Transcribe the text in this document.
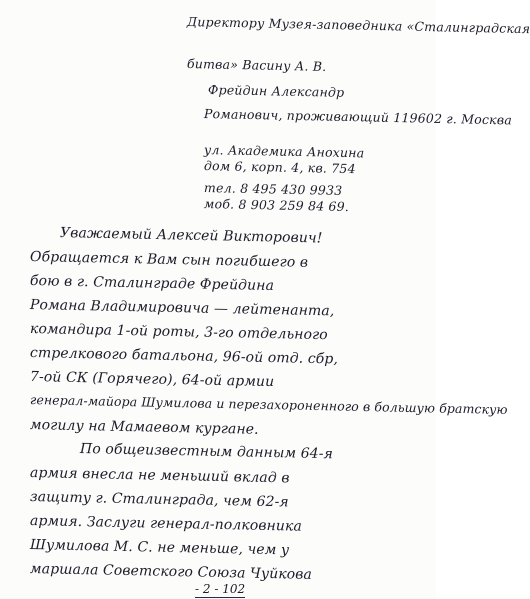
Директору Музея-заповедника «Сталинградская
битва» Васину А. В.
Фрейдин Александр
Романович, проживающий 119602 г. Москва
ул. Академика Анохина
дом 6, корп. 4, кв. 754
тел. 8 495 430 9933
моб. 8 903 259 84 69.
Уважаемый Алексей Викторович!
Обращается к Вам сын погибшего в
бою в г. Сталинграде Фрейдина
Романа Владимировича — лейтенанта,
командира 1-ой роты, 3-го отдельного
стрелкового батальона, 96-ой отд. сбр,
7-ой СК (Горячего), 64-ой армии
генерал-майора Шумилова и перезахороненного в большую братскую
могилу на Мамаевом кургане.
По общеизвестным данным 64-я
армия внесла не меньший вклад в
защиту г. Сталинграда, чем 62-я
армия. Заслуги генерал-полковника
Шумилова М. С. не меньше, чем у
маршала Советского Союза Чуйкова
- 2 - 102
